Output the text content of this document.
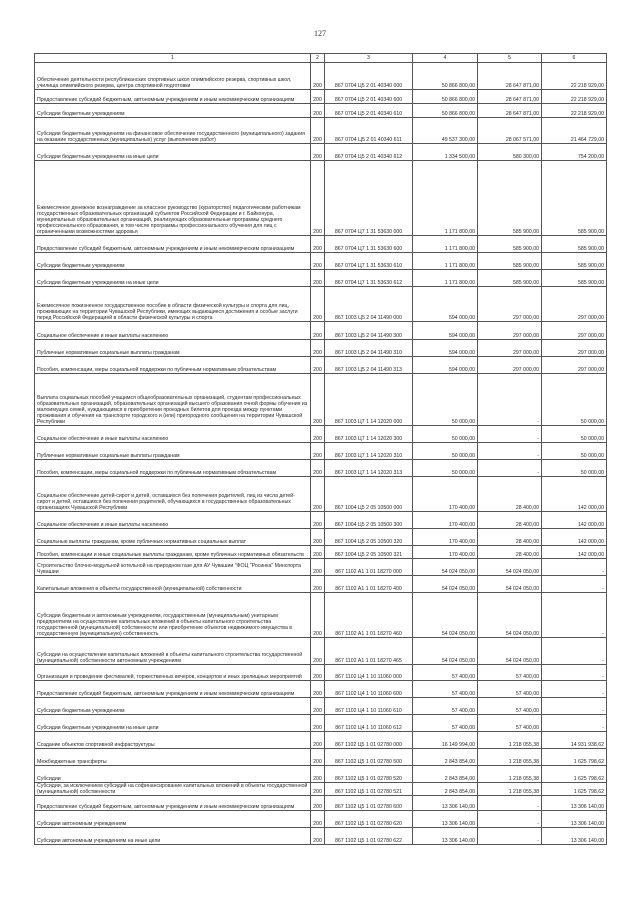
127
1	2	3	4	5	6
Обеспечение деятельности республиканских спортивных школ олимпийского резерва, спортивных школ, училища олимпийского резерва, центра спортивной подготовки	200	867 0704 Ц5 2 01 40340 000	50 866 800,00	28 647 871,00	22 218 929,00
Предоставление субсидий бюджетным, автономным учреждениям и иным некоммерческим организациям	200	867 0704 Ц5 2 01 40340 600	50 866 800,00	28 647 871,00	22 218 929,00
Субсидии бюджетным учреждениям	200	867 0704 Ц5 2 01 40340 610	50 866 800,00	28 647 871,00	22 218 929,00
Субсидии бюджетным учреждениям на финансовое обеспечение государственного (муниципального) задания на оказание государственных (муниципальных) услуг (выполнение работ)	200	867 0704 Ц5 2 01 40340 611	49 537 300,00	28 067 571,00	21 464 729,00
Субсидии бюджетным учреждениям на иные цели	200	867 0704 Ц5 2 01 40340 612	1 334 500,00	580 300,00	754 200,00
Ежемесячное денежное вознаграждение за классное руководство (кураторство) педагогическим работникам государственных образовательных организаций субъектов Российской Федерации и г. Байконура, муниципальных образовательных организаций, реализующих образовательные программы среднего профессионального образования, в том числе программы профессионального обучения для лиц с ограниченными возможностями здоровья	200	867 0704 Ц7 1 31 53630 000	1 171 800,00	585 900,00	585 900,00
Предоставление субсидий бюджетным, автономным учреждениям и иным некоммерческим организациям	200	867 0704 Ц7 1 31 53630 600	1 171 800,00	585 900,00	585 900,00
Субсидии бюджетным учреждениям	200	867 0704 Ц7 1 31 53630 610	1 171 800,00	585 900,00	585 900,00
Субсидии бюджетным учреждениям на иные цели	200	867 0704 Ц7 1 31 53630 612	1 171 800,00	585 900,00	585 900,00
Ежемесячное пожизненное государственное пособие в области физической культуры и спорта для лиц, проживающих на территории Чувашской Республики, имеющих выдающиеся достижения и особые заслуги перед Российской Федерацией в области физической культуры и спорта	200	867 1003 Ц5 2 04 11490 000	594 000,00	297 000,00	297 000,00
Социальное обеспечение и иные выплаты населению	200	867 1003 Ц5 2 04 11490 300	594 000,00	297 000,00	297 000,00
Публичные нормативные социальные выплаты гражданам	200	867 1003 Ц5 2 04 11490 310	594 000,00	297 000,00	297 000,00
Пособия, компенсации, меры социальной поддержки по публичным нормативным обязательствам	200	867 1003 Ц5 2 04 11490 313	594 000,00	297 000,00	297 000,00
Выплата социальных пособий учащимся общеобразовательных организаций, студентам профессиональных образовательных организаций, образовательных организаций высшего образования очной формы обучения из малоимущих семей, нуждающимся в приобретении проездных билетов для проезда между пунктами проживания и обучения на транспорте городского и (или) пригородного сообщения на территории Чувашской Республики	200	867 1003 Ц7 1 14 12020 000	50 000,00	-	50 000,00
Социальное обеспечение и иные выплаты населению	200	867 1003 Ц7 1 14 12020 300	50 000,00	-	50 000,00
Публичные нормативные социальные выплаты гражданам	200	867 1003 Ц7 1 14 12020 310	50 000,00	-	50 000,00
Пособия, компенсации, меры социальной поддержки по публичным нормативным обязательствам	200	867 1003 Ц7 1 14 12020 313	50 000,00	-	50 000,00
Социальное обеспечение детей-сирот и детей, оставшихся без попечения родителей, лиц из числа детей-сирот и детей, оставшихся без попечения родителей, обучающихся в государственных образовательных организациях Чувашской Республики	200	867 1004 Ц5 2 05 10500 000	170 400,00	28 400,00	142 000,00
Социальное обеспечение и иные выплаты населению	200	867 1004 Ц5 2 05 10500 300	170 400,00	28 400,00	142 000,00
Социальные выплаты гражданам, кроме публичных нормативных социальных выплат	200	867 1004 Ц5 2 05 10500 320	170 400,00	28 400,00	142 000,00
Пособия, компенсации и иные социальные выплаты гражданам, кроме публичных нормативных обязательств	200	867 1004 Ц5 2 05 10500 321	170 400,00	28 400,00	142 000,00
Строительство блочно-модульной котельной на природном газе для АУ Чувашии "ФОЦ "Росинка" Минспорта Чувашии	200	867 1102 А1 1 01 18270 000	54 024 050,00	54 024 050,00	-
Капитальные вложения в объекты государственной (муниципальной) собственности	200	867 1102 А1 1 01 18270 400	54 024 050,00	54 024 050,00	-
Субсидии бюджетным и автономным учреждениям, государственным (муниципальным) унитарным предприятиям на осуществление капитальных вложений в объекты капитального строительства государственной (муниципальной) собственности или приобретение объектов недвижимого имущества в государственную (муниципальную) собственность	200	867 1102 А1 1 01 18270 460	54 024 050,00	54 024 050,00	-
Субсидии на осуществление капитальных вложений в объекты капитального строительства государственной (муниципальной) собственности автономным учреждениям	200	867 1102 А1 1 01 18270 465	54 024 050,00	54 024 050,00	-
Организация и проведение фестивалей, торжественных вечеров, концертов и иных зрелищных мероприятий	200	867 1102 Ц4 1 10 11060 000	57 400,00	57 400,00	-
Предоставление субсидий бюджетным, автономным учреждениям и иным некоммерческим организациям	200	867 1102 Ц4 1 10 11060 600	57 400,00	57 400,00	-
Субсидии бюджетным учреждениям	200	867 1102 Ц4 1 10 11060 610	57 400,00	57 400,00	-
Субсидии бюджетным учреждениям на иные цели	200	867 1102 Ц4 1 10 11060 612	57 400,00	57 400,00	-
Создание объектов спортивной инфраструктуры	200	867 1102 Ц5 1 01 02780 000	16 149 994,00	1 218 055,38	14 931 938,62
Межбюджетные трансферты	200	867 1102 Ц5 1 01 02780 500	2 843 854,00	1 218 055,38	1 625 798,62
Субсидии	200	867 1102 Ц5 1 01 02780 520	2 843 854,00	1 218 055,38	1 625 798,62
Субсидии, за исключением субсидий на софинансирование капитальных вложений в объекты государственной (муниципальной) собственности	200	867 1102 Ц5 1 01 02780 521	2 843 854,00	1 218 055,38	1 625 798,62
Предоставление субсидий бюджетным, автономным учреждениям и иным некоммерческим организациям	200	867 1102 Ц5 1 01 02780 600	13 306 140,00	-	13 306 140,00
Субсидии автономным учреждениям	200	867 1102 Ц5 1 01 02780 620	13 306 140,00	-	13 306 140,00
Субсидии автономным учреждениям на иные цели	200	867 1102 Ц5 1 01 02780 622	13 306 140,00	-	13 306 140,00
